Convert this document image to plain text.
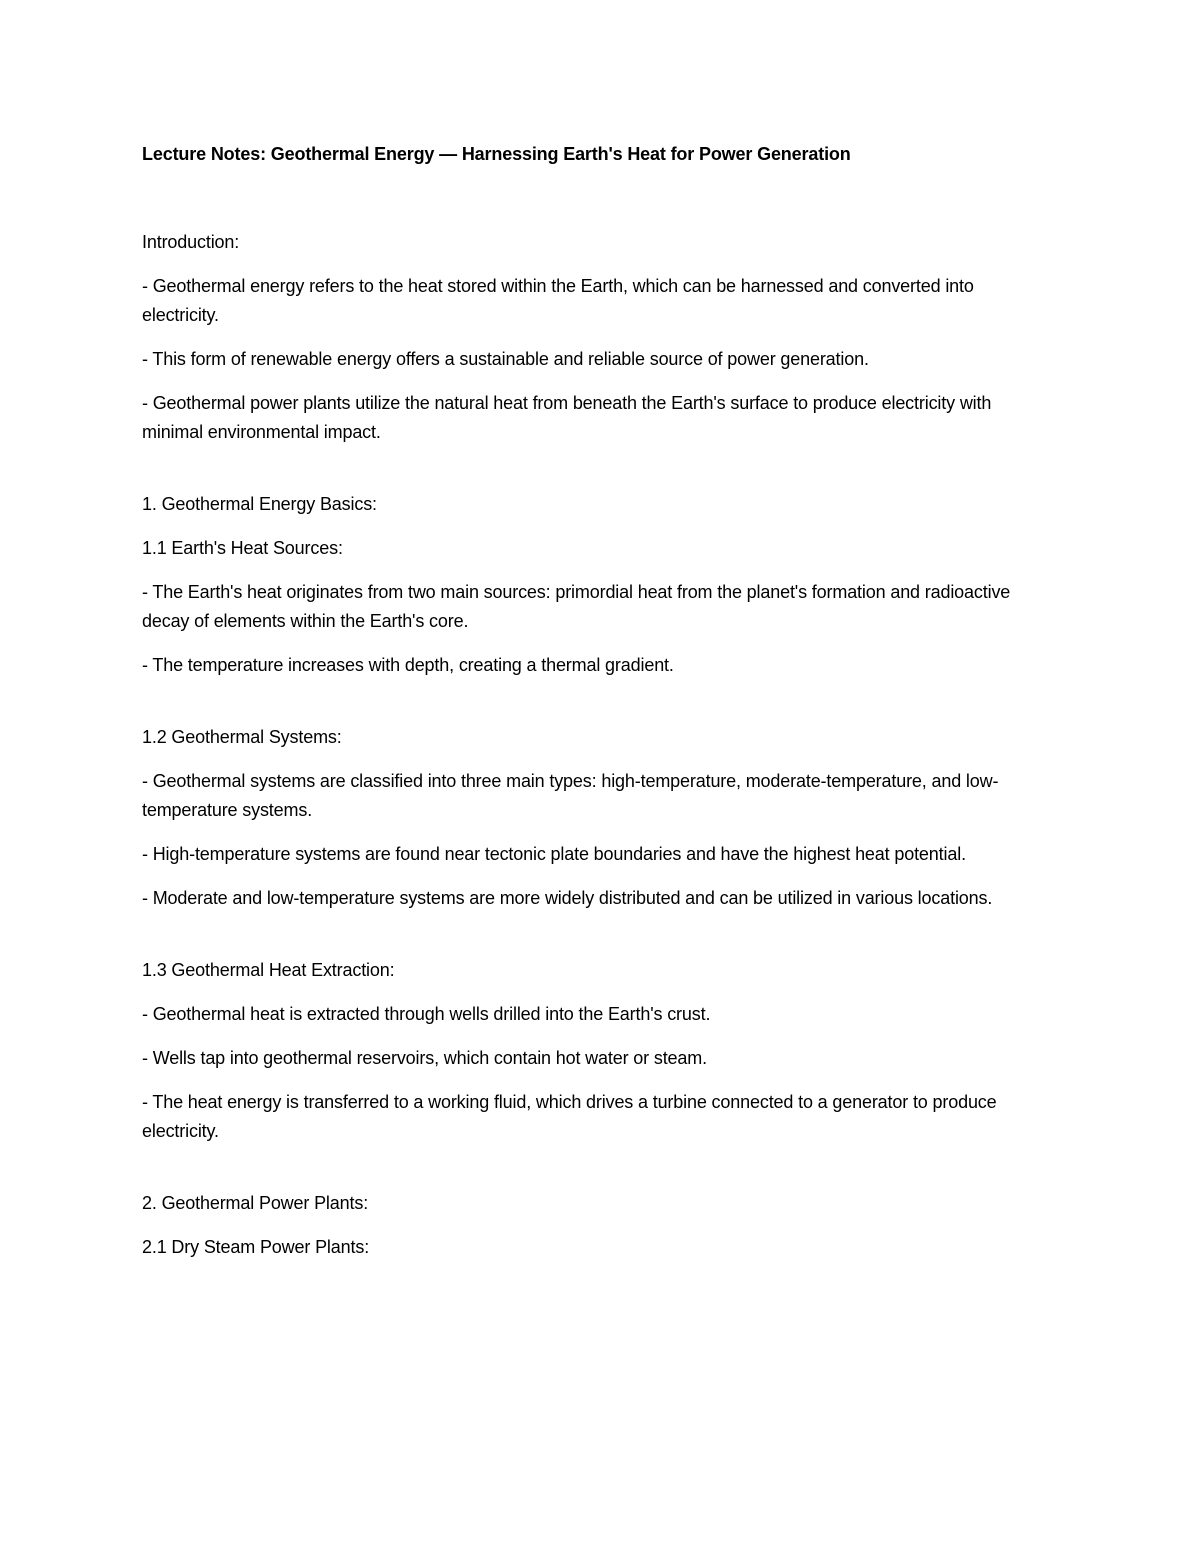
Lecture Notes: Geothermal Energy — Harnessing Earth's Heat for Power Generation

Introduction:

- Geothermal energy refers to the heat stored within the Earth, which can be harnessed and converted into electricity.

- This form of renewable energy offers a sustainable and reliable source of power generation.

- Geothermal power plants utilize the natural heat from beneath the Earth's surface to produce electricity with minimal environmental impact.

1. Geothermal Energy Basics:

1.1 Earth's Heat Sources:

- The Earth's heat originates from two main sources: primordial heat from the planet's formation and radioactive decay of elements within the Earth's core.

- The temperature increases with depth, creating a thermal gradient.

1.2 Geothermal Systems:

- Geothermal systems are classified into three main types: high-temperature, moderate-temperature, and low-temperature systems.

- High-temperature systems are found near tectonic plate boundaries and have the highest heat potential.

- Moderate and low-temperature systems are more widely distributed and can be utilized in various locations.

1.3 Geothermal Heat Extraction:

- Geothermal heat is extracted through wells drilled into the Earth's crust.

- Wells tap into geothermal reservoirs, which contain hot water or steam.

- The heat energy is transferred to a working fluid, which drives a turbine connected to a generator to produce electricity.

2. Geothermal Power Plants:

2.1 Dry Steam Power Plants:
